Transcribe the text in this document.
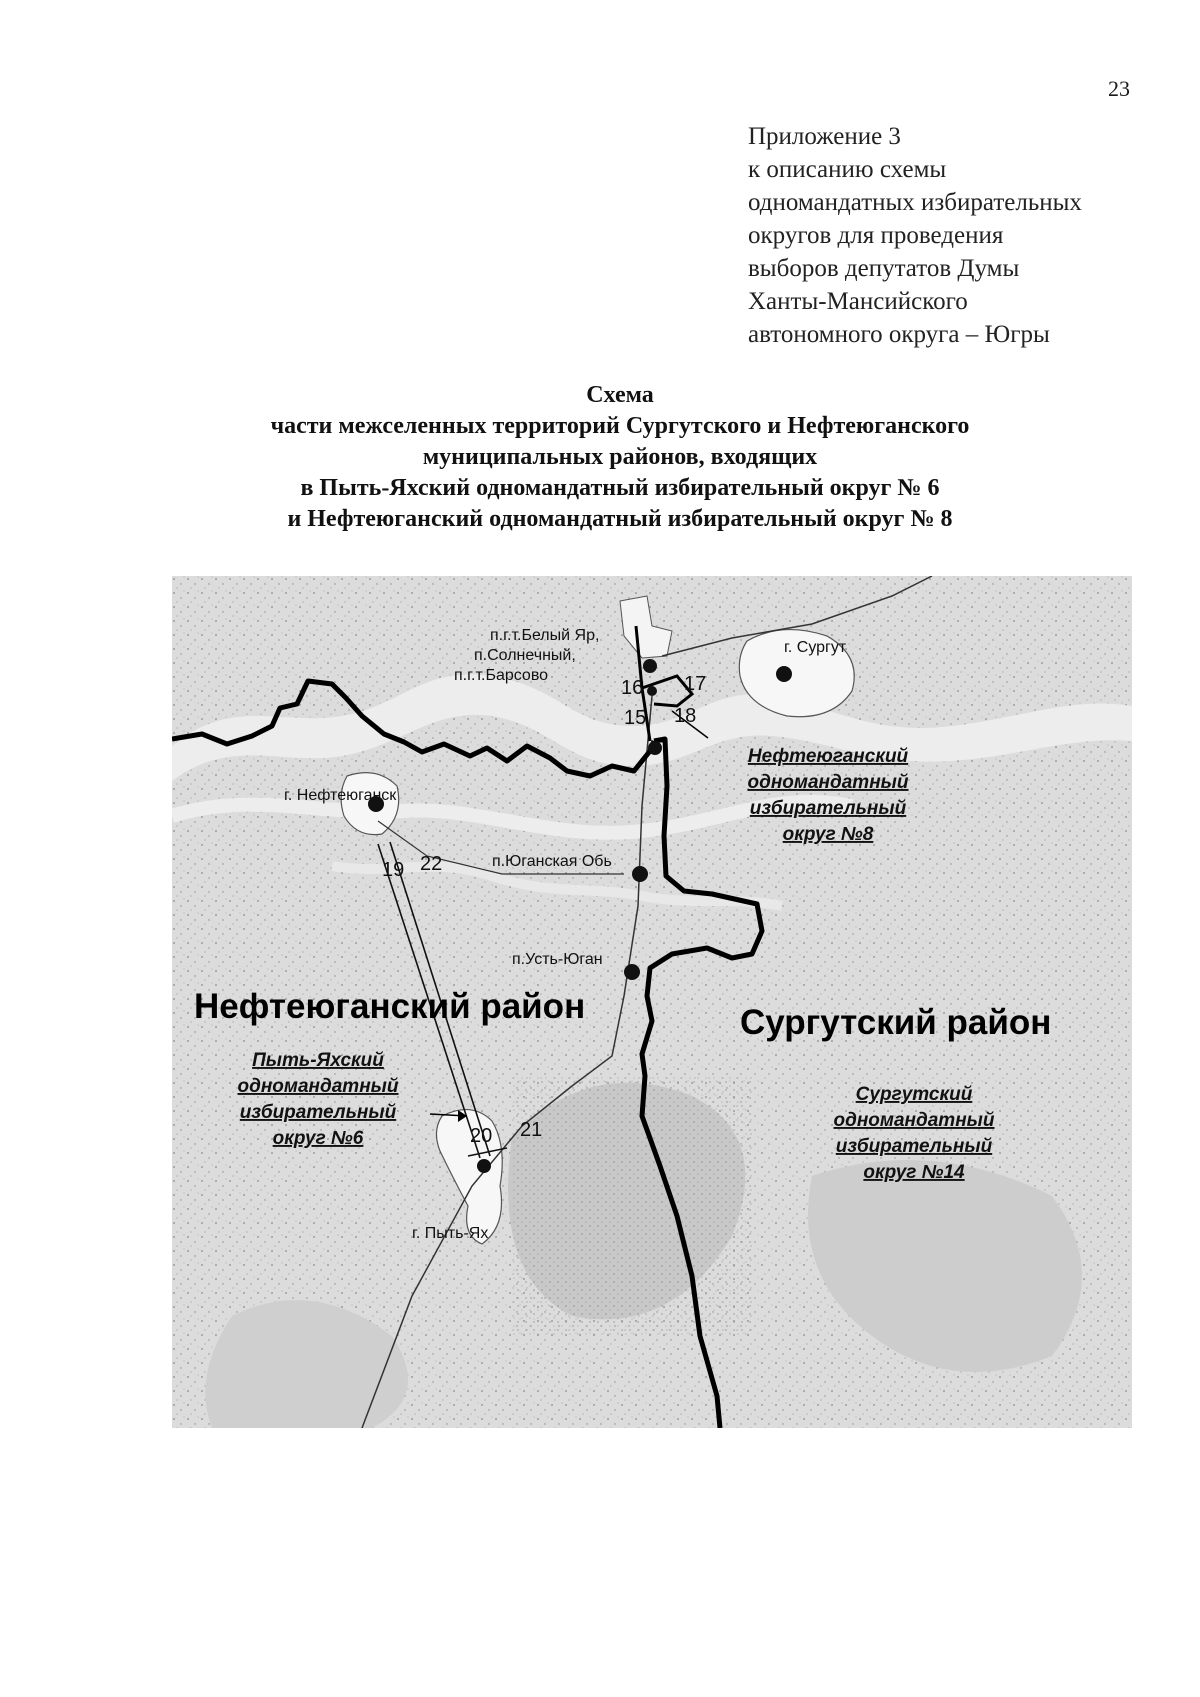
23
Приложение 3
к описанию схемы
одномандатных избирательных
округов для проведения
выборов депутатов Думы
Ханты-Мансийского
автономного округа – Югры
Схема
части межселенных территорий Сургутского и Нефтеюганского
муниципальных районов, входящих
в Пыть-Яхский одномандатный избирательный округ № 6
и Нефтеюганский одномандатный избирательный округ № 8
п.г.т.Белый Яр,
п.Солнечный,
п.г.т.Барсово
г. Сургут
г. Нефтеюганск
п.Юганская Обь
п.Усть-Юган
г. Пыть-Ях
15
16 17
18
19
20 21
22
Нефтеюганский район	Сургутский район
Нефтеюганский
одномандатный
избирательный
округ №8
Пыть-Яхский
одномандатный
избирательный
округ №6
Сургутский
одномандатный
избирательный
округ №14
